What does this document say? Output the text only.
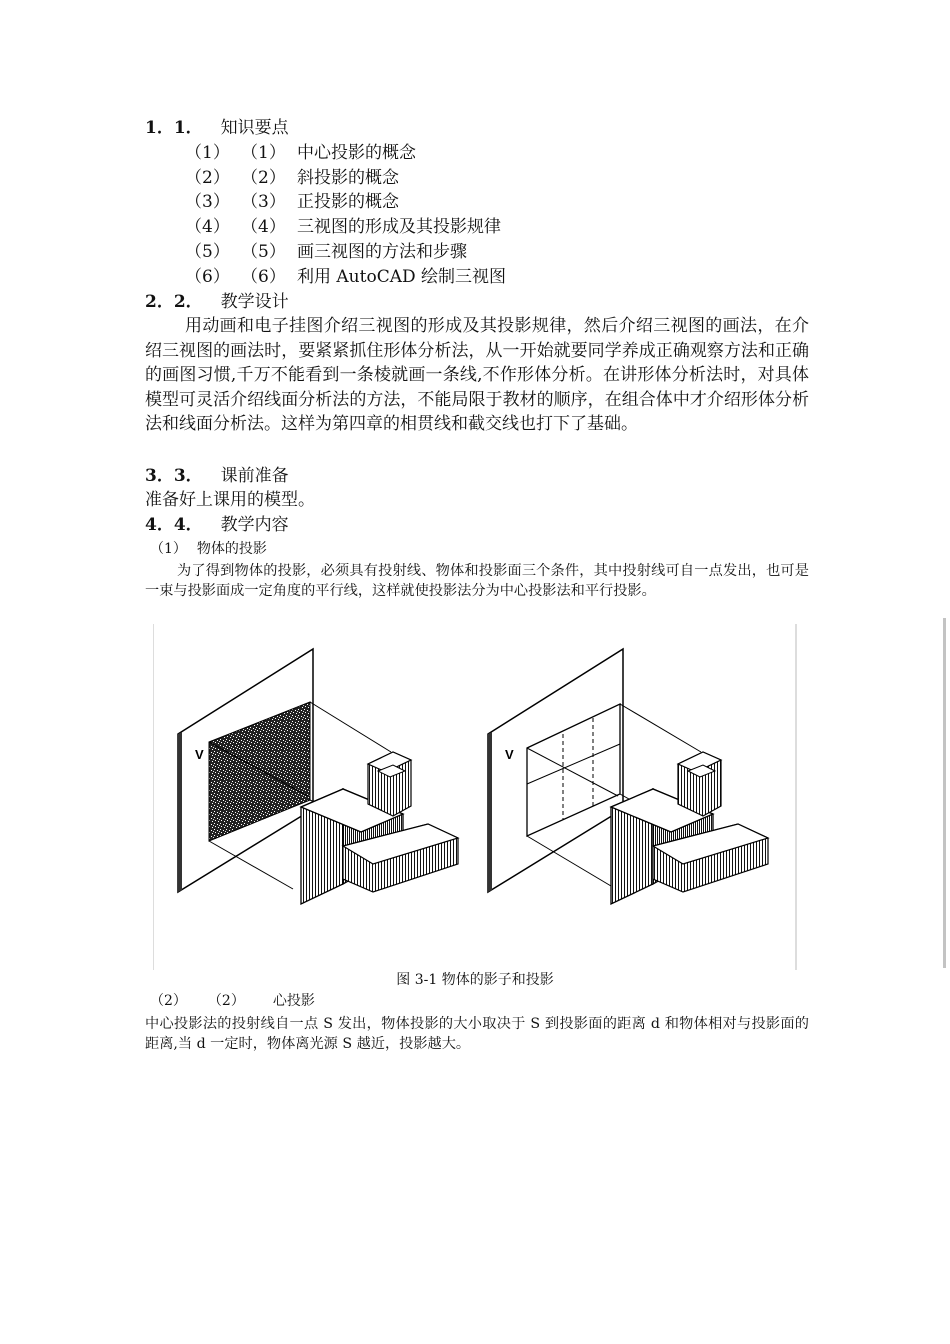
1．1． 知识要点
（1） （1） 中心投影的概念
（2） （2） 斜投影的概念
（3） （3） 正投影的概念
（4） （4） 三视图的形成及其投影规律
（5） （5） 画三视图的方法和步骤
（6） （6） 利用 AutoCAD 绘制三视图
2．2． 教学设计
用动画和电子挂图介绍三视图的形成及其投影规律，然后介绍三视图的画法，在介绍三视图的画法时，要紧紧抓住形体分析法，从一开始就要同学养成正确观察方法和正确的画图习惯,千万不能看到一条棱就画一条线,不作形体分析。在讲形体分析法时，对具体模型可灵活介绍线面分析法的方法，不能局限于教材的顺序，在组合体中才介绍形体分析法和线面分析法。这样为第四章的相贯线和截交线也打下了基础。
3．3． 课前准备
准备好上课用的模型。
4．4． 教学内容
（1） 物体的投影
为了得到物体的投影，必须具有投射线、物体和投影面三个条件，其中投射线可自一点发出，也可是一束与投影面成一定角度的平行线，这样就使投影法分为中心投影法和平行投影。
V	V
图 3-1 物体的影子和投影
（2） （2） 心投影
中心投影法的投射线自一点 S 发出，物体投影的大小取决于 S 到投影面的距离 d 和物体相对与投影面的距离,当 d 一定时，物体离光源 S 越近，投影越大。
